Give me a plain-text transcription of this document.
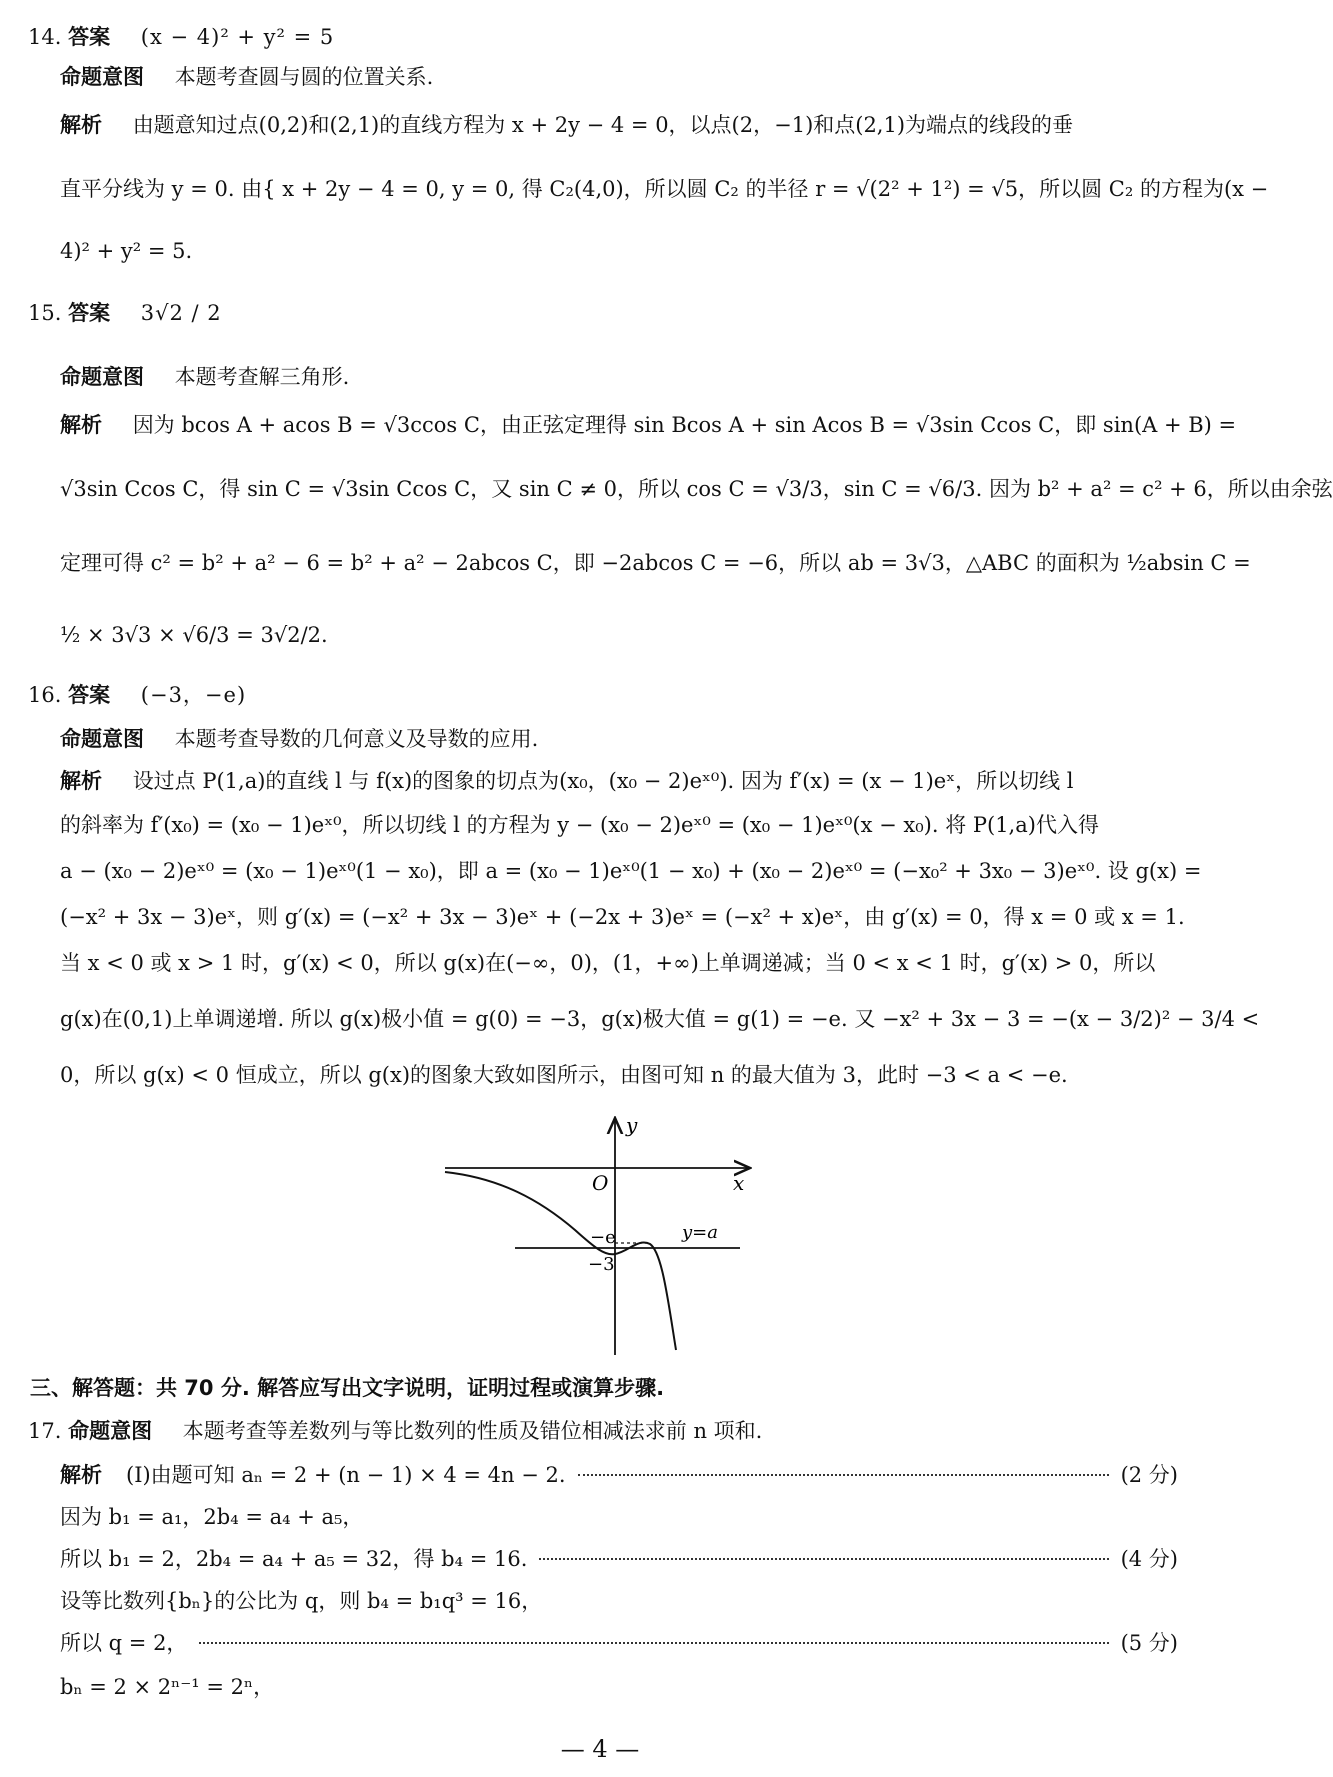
14. 答案 (x − 4)² + y² = 5
命题意图 本题考查圆与圆的位置关系.
解析 由题意知过点(0,2)和(2,1)的直线方程为 x + 2y − 4 = 0，以点(2，−1)和点(2,1)为端点的线段的垂
直平分线为 y = 0. 由{ x + 2y − 4 = 0, y = 0, 得 C₂(4,0)，所以圆 C₂ 的半径 r = √(2² + 1²) = √5，所以圆 C₂ 的方程为(x −
4)² + y² = 5.
15. 答案 3√2 / 2
命题意图 本题考查解三角形.
解析 因为 bcos A + acos B = √3ccos C，由正弦定理得 sin Bcos A + sin Acos B = √3sin Ccos C，即 sin(A + B) =
√3sin Ccos C，得 sin C = √3sin Ccos C，又 sin C ≠ 0，所以 cos C = √3/3，sin C = √6/3. 因为 b² + a² = c² + 6，所以由余弦
定理可得 c² = b² + a² − 6 = b² + a² − 2abcos C，即 −2abcos C = −6，所以 ab = 3√3，△ABC 的面积为 ½absin C =
½ × 3√3 × √6/3 = 3√2/2.
16. 答案 (−3，−e)
命题意图 本题考查导数的几何意义及导数的应用.
解析 设过点 P(1,a)的直线 l 与 f(x)的图象的切点为(x₀，(x₀ − 2)eˣ⁰). 因为 f′(x) = (x − 1)eˣ，所以切线 l
的斜率为 f′(x₀) = (x₀ − 1)eˣ⁰，所以切线 l 的方程为 y − (x₀ − 2)eˣ⁰ = (x₀ − 1)eˣ⁰(x − x₀). 将 P(1,a)代入得
a − (x₀ − 2)eˣ⁰ = (x₀ − 1)eˣ⁰(1 − x₀)，即 a = (x₀ − 1)eˣ⁰(1 − x₀) + (x₀ − 2)eˣ⁰ = (−x₀² + 3x₀ − 3)eˣ⁰. 设 g(x) =
(−x² + 3x − 3)eˣ，则 g′(x) = (−x² + 3x − 3)eˣ + (−2x + 3)eˣ = (−x² + x)eˣ，由 g′(x) = 0，得 x = 0 或 x = 1.
当 x < 0 或 x > 1 时，g′(x) < 0，所以 g(x)在(−∞，0)，(1，+∞)上单调递减；当 0 < x < 1 时，g′(x) > 0，所以
g(x)在(0,1)上单调递增. 所以 g(x)极小值 = g(0) = −3，g(x)极大值 = g(1) = −e. 又 −x² + 3x − 3 = −(x − 3/2)² − 3/4 <
0，所以 g(x) < 0 恒成立，所以 g(x)的图象大致如图所示，由图可知 n 的最大值为 3，此时 −3 < a < −e.
y
x
O
−e
−3
y=a
三、解答题：共 70 分. 解答应写出文字说明，证明过程或演算步骤.
17. 命题意图 本题考查等差数列与等比数列的性质及错位相减法求前 n 项和.
解析 (Ⅰ)由题可知 aₙ = 2 + (n − 1) × 4 = 4n − 2.	(2 分)
因为 b₁ = a₁，2b₄ = a₄ + a₅，
所以 b₁ = 2，2b₄ = a₄ + a₅ = 32，得 b₄ = 16.	(4 分)
设等比数列{bₙ}的公比为 q，则 b₄ = b₁q³ = 16，
所以 q = 2，	(5 分)
bₙ = 2 × 2ⁿ⁻¹ = 2ⁿ，
— 4 —
